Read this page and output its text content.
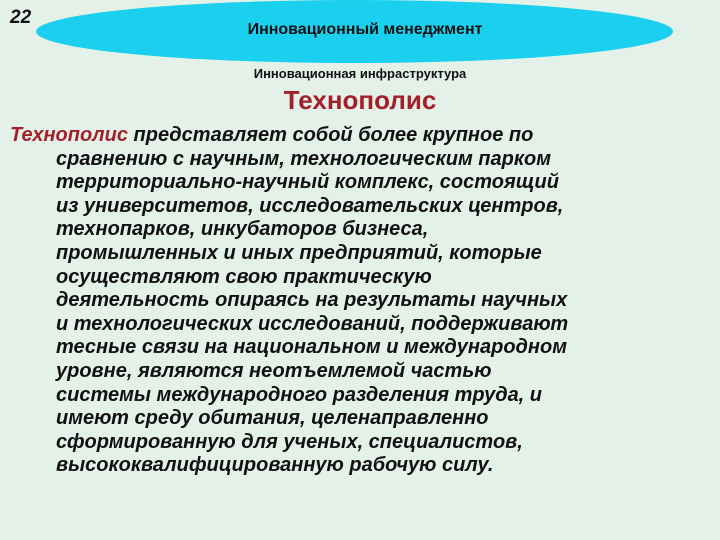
22
Инновационный менеджмент
Инновационная инфраструктура
Технополис
Технополис представляет собой более крупное по
сравнению с научным, технологическим парком
территориально-научный комплекс, состоящий
из университетов, исследовательских центров,
технопарков, инкубаторов бизнеса,
промышленных и иных предприятий, которые
осуществляют свою практическую
деятельность опираясь на результаты научных
и технологических исследований, поддерживают
тесные связи на национальном и международном
уровне, являются неотъемлемой частью
системы международного разделения труда, и
имеют среду обитания, целенаправленно
сформированную для ученых, специалистов,
высококвалифицированную рабочую силу.
